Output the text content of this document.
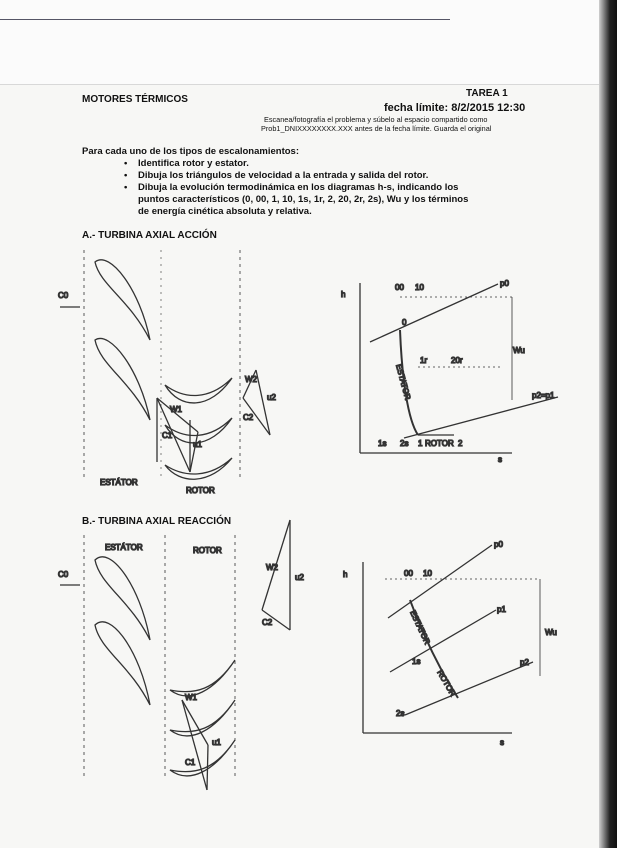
MOTORES TÉRMICOS
TAREA 1
fecha límite: 8/2/2015 12:30
Escanea/fotografía el problema y súbelo al espacio compartido como
Prob1_DNIXXXXXXXX.XXX antes de la fecha límite. Guarda el original
Para cada uno de los tipos de escalonamientos:
• Identifica rotor y estator.
• Dibuja los triángulos de velocidad a la entrada y salida del rotor.
• Dibuja la evolución termodinámica en los diagramas h-s, indicando los
puntos característicos (0, 00, 1, 10, 1s, 1r, 2, 20, 2r, 2s), Wu y los términos
de energía cinética absoluta y relativa.
A.- TURBINA AXIAL ACCIÓN
B.- TURBINA AXIAL REACCIÓN
C0
ESTÁTOR
ROTOR
W1
C1
u1
W2
u2
C2
h
p0
p2=p1
Wu
00 10
0
1	2
1s 2s
1r	20r
ROTOR
ESTATOR
s
C0
ESTÁTOR	ROTOR
W1
C1
u1
W2
u2
C2
h
p0
p1
p2
Wu
00 10
2s
1s
ROTOR
ESTATOR
s
